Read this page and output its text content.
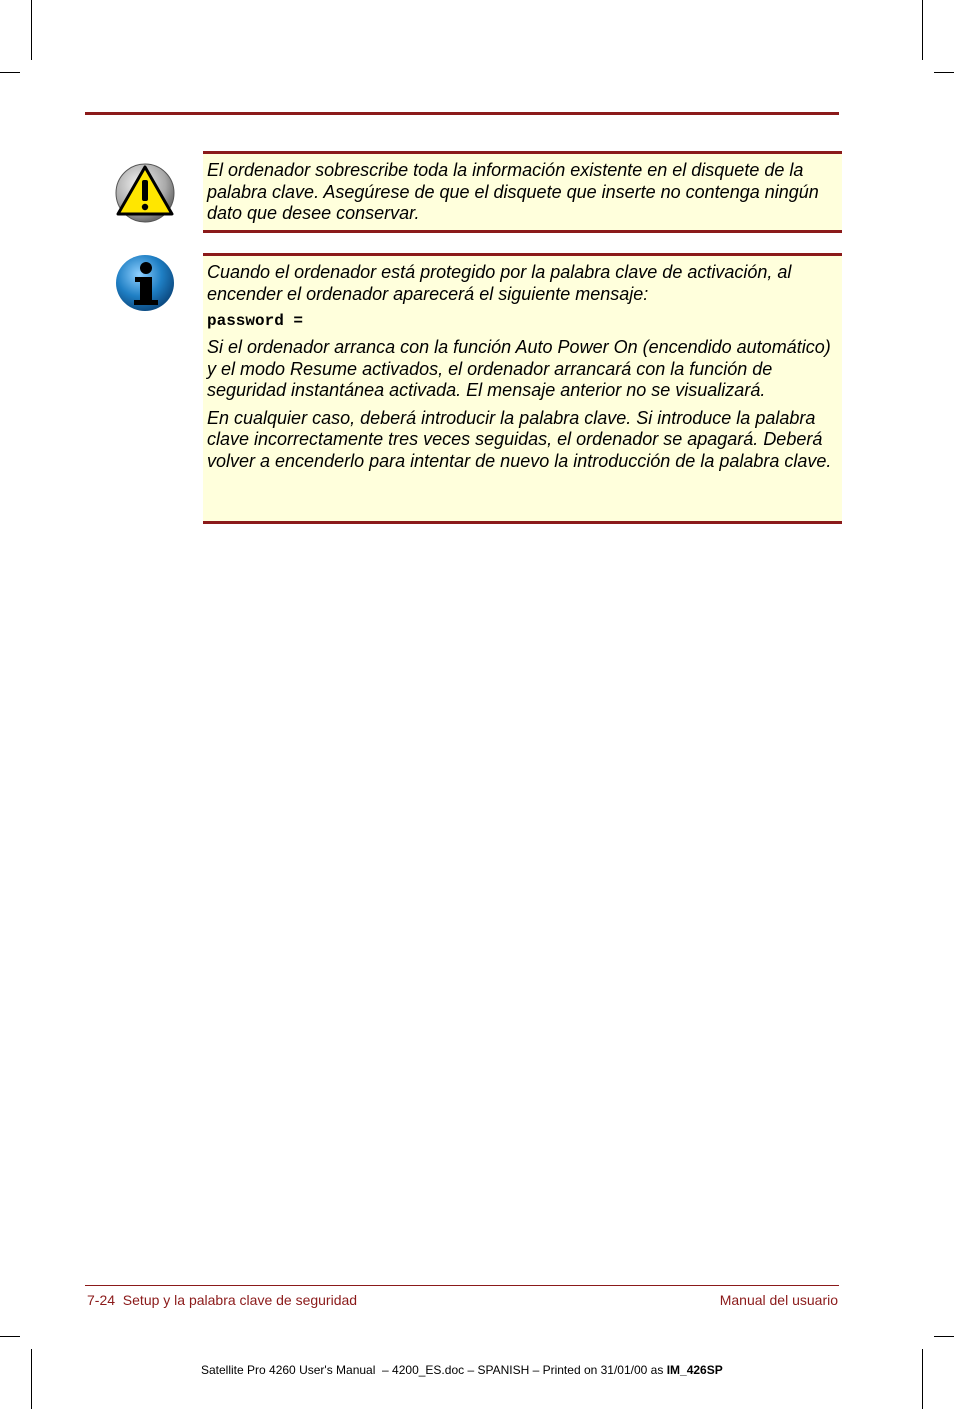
El ordenador sobrescribe toda la información existente en el disquete de la palabra clave. Asegúrese de que el disquete que inserte no contenga ningún dato que desee conservar.

Cuando el ordenador está protegido por la palabra clave de activación, al encender el ordenador aparecerá el siguiente mensaje:

password =

Si el ordenador arranca con la función Auto Power On (encendido automático) y el modo Resume activados, el ordenador arrancará con la función de seguridad instantánea activada. El mensaje anterior no se visualizará.

En cualquier caso, deberá introducir la palabra clave. Si introduce la palabra clave incorrectamente tres veces seguidas, el ordenador se apagará. Deberá volver a encenderlo para intentar de nuevo la introducción de la palabra clave.

7-24  Setup y la palabra clave de seguridad	Manual del usuario
Satellite Pro 4260 User's Manual  – 4200_ES.doc – SPANISH – Printed on 31/01/00 as IM_426SP
